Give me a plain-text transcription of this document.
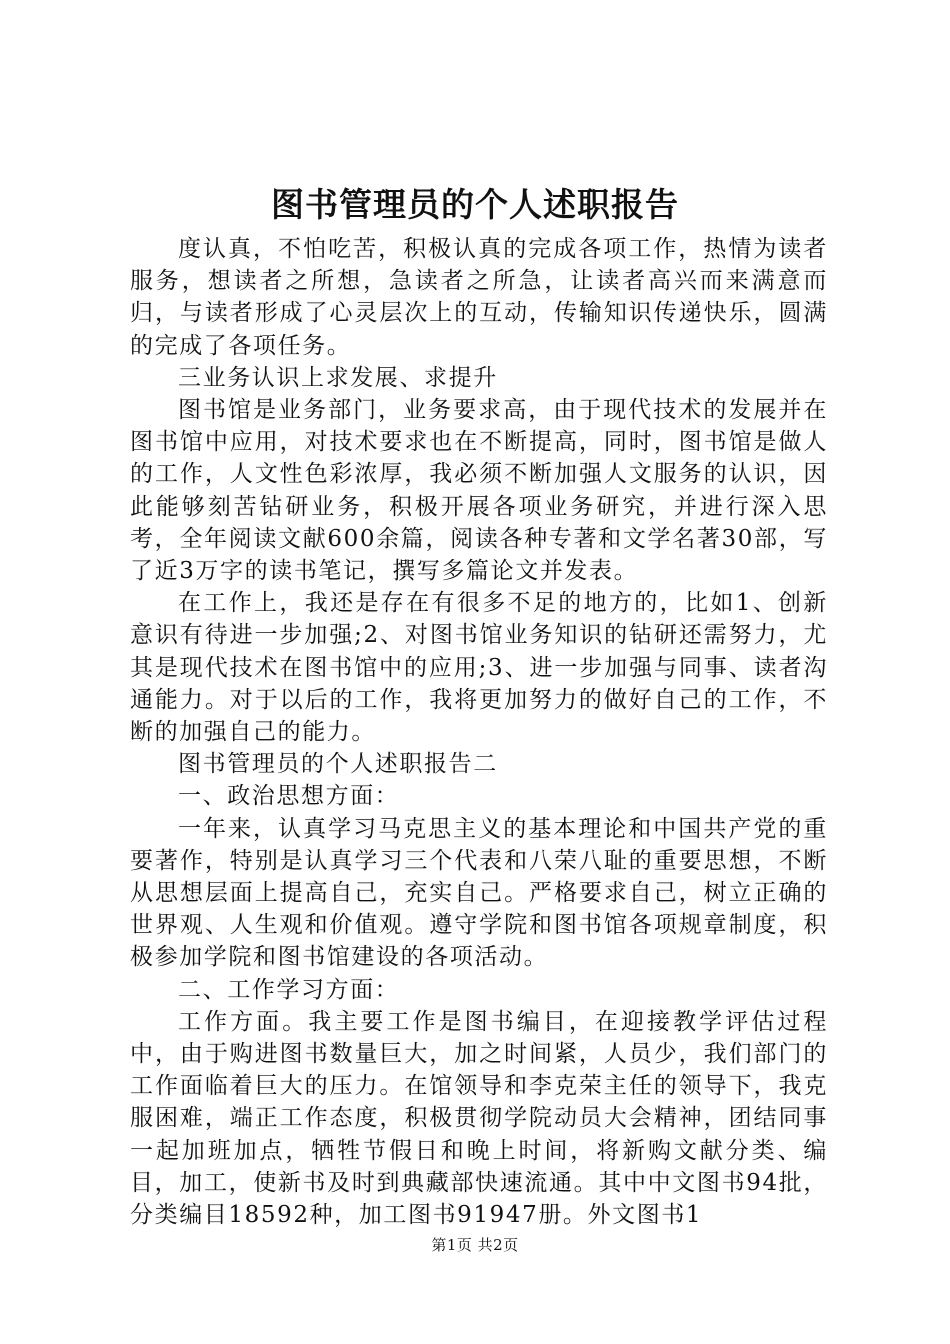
图书管理员的个人述职报告

度认真，不怕吃苦，积极认真的完成各项工作，热情为读者服务，想读者之所想，急读者之所急，让读者高兴而来满意而归，与读者形成了心灵层次上的互动，传输知识传递快乐，圆满的完成了各项任务。

三业务认识上求发展、求提升

图书馆是业务部门，业务要求高，由于现代技术的发展并在图书馆中应用，对技术要求也在不断提高，同时，图书馆是做人的工作，人文性色彩浓厚，我必须不断加强人文服务的认识，因此能够刻苦钻研业务，积极开展各项业务研究，并进行深入思考，全年阅读文献600余篇，阅读各种专著和文学名著30部，写了近3万字的读书笔记，撰写多篇论文并发表。

在工作上，我还是存在有很多不足的地方的，比如1、创新意识有待进一步加强;2、对图书馆业务知识的钻研还需努力，尤其是现代技术在图书馆中的应用;3、进一步加强与同事、读者沟通能力。对于以后的工作，我将更加努力的做好自己的工作，不断的加强自己的能力。

图书管理员的个人述职报告二

一、政治思想方面：

一年来，认真学习马克思主义的基本理论和中国共产党的重要著作，特别是认真学习三个代表和八荣八耻的重要思想，不断从思想层面上提高自己，充实自己。严格要求自己，树立正确的世界观、人生观和价值观。遵守学院和图书馆各项规章制度，积极参加学院和图书馆建设的各项活动。

二、工作学习方面：

工作方面。我主要工作是图书编目，在迎接教学评估过程中，由于购进图书数量巨大，加之时间紧，人员少，我们部门的工作面临着巨大的压力。在馆领导和李克荣主任的领导下，我克服困难，端正工作态度，积极贯彻学院动员大会精神，团结同事一起加班加点，牺牲节假日和晚上时间，将新购文献分类、编目，加工，使新书及时到典藏部快速流通。其中中文图书94批，分类编目18592种，加工图书91947册。外文图书1

第1页 共2页
